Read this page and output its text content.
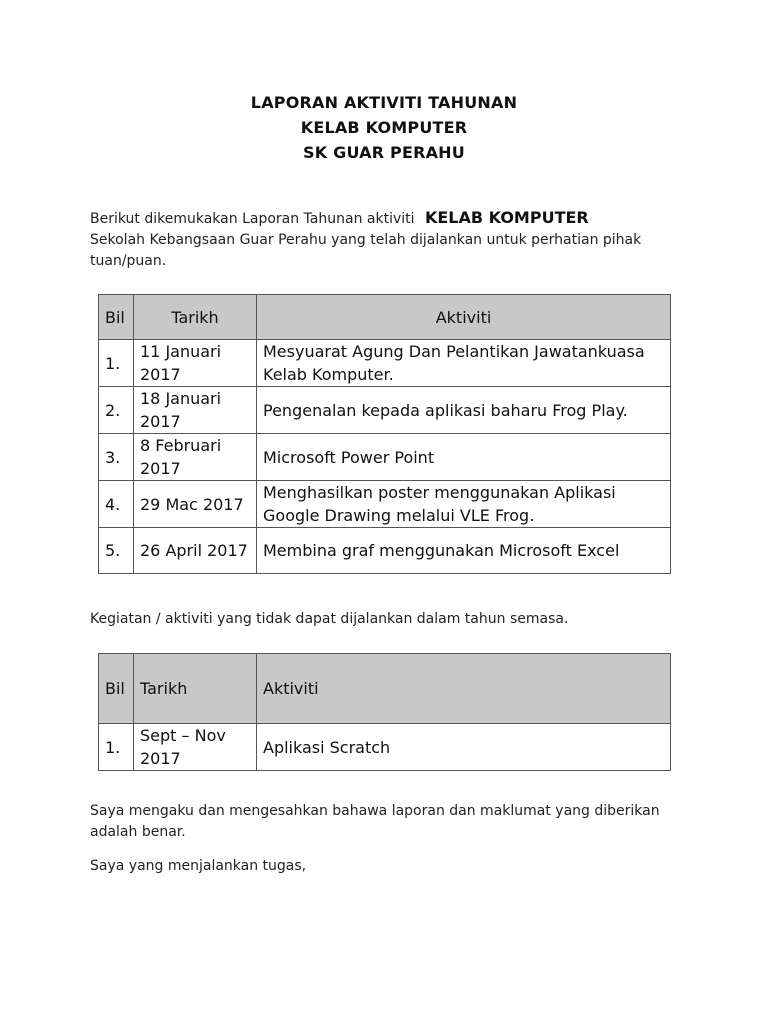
LAPORAN AKTIVITI TAHUNAN
KELAB KOMPUTER
SK GUAR PERAHU
Berikut dikemukakan Laporan Tahunan aktiviti KELAB KOMPUTER
Sekolah Kebangsaan Guar Perahu yang telah dijalankan untuk perhatian pihak tuan/puan.
Bil	Tarikh	Aktiviti
1.	11 Januari 2017	Mesyuarat Agung Dan Pelantikan Jawatankuasa Kelab Komputer.
2.	18 Januari 2017	Pengenalan kepada aplikasi baharu Frog Play.
3.	8 Februari 2017	Microsoft Power Point
4.	29 Mac 2017	Menghasilkan poster menggunakan Aplikasi Google Drawing melalui VLE Frog.
5.	26 April 2017	Membina graf menggunakan Microsoft Excel
Kegiatan / aktiviti yang tidak dapat dijalankan dalam tahun semasa.
Bil	Tarikh	Aktiviti
1.	Sept – Nov 2017	Aplikasi Scratch
Saya mengaku dan mengesahkan bahawa laporan dan maklumat yang diberikan adalah benar.
Saya yang menjalankan tugas,
